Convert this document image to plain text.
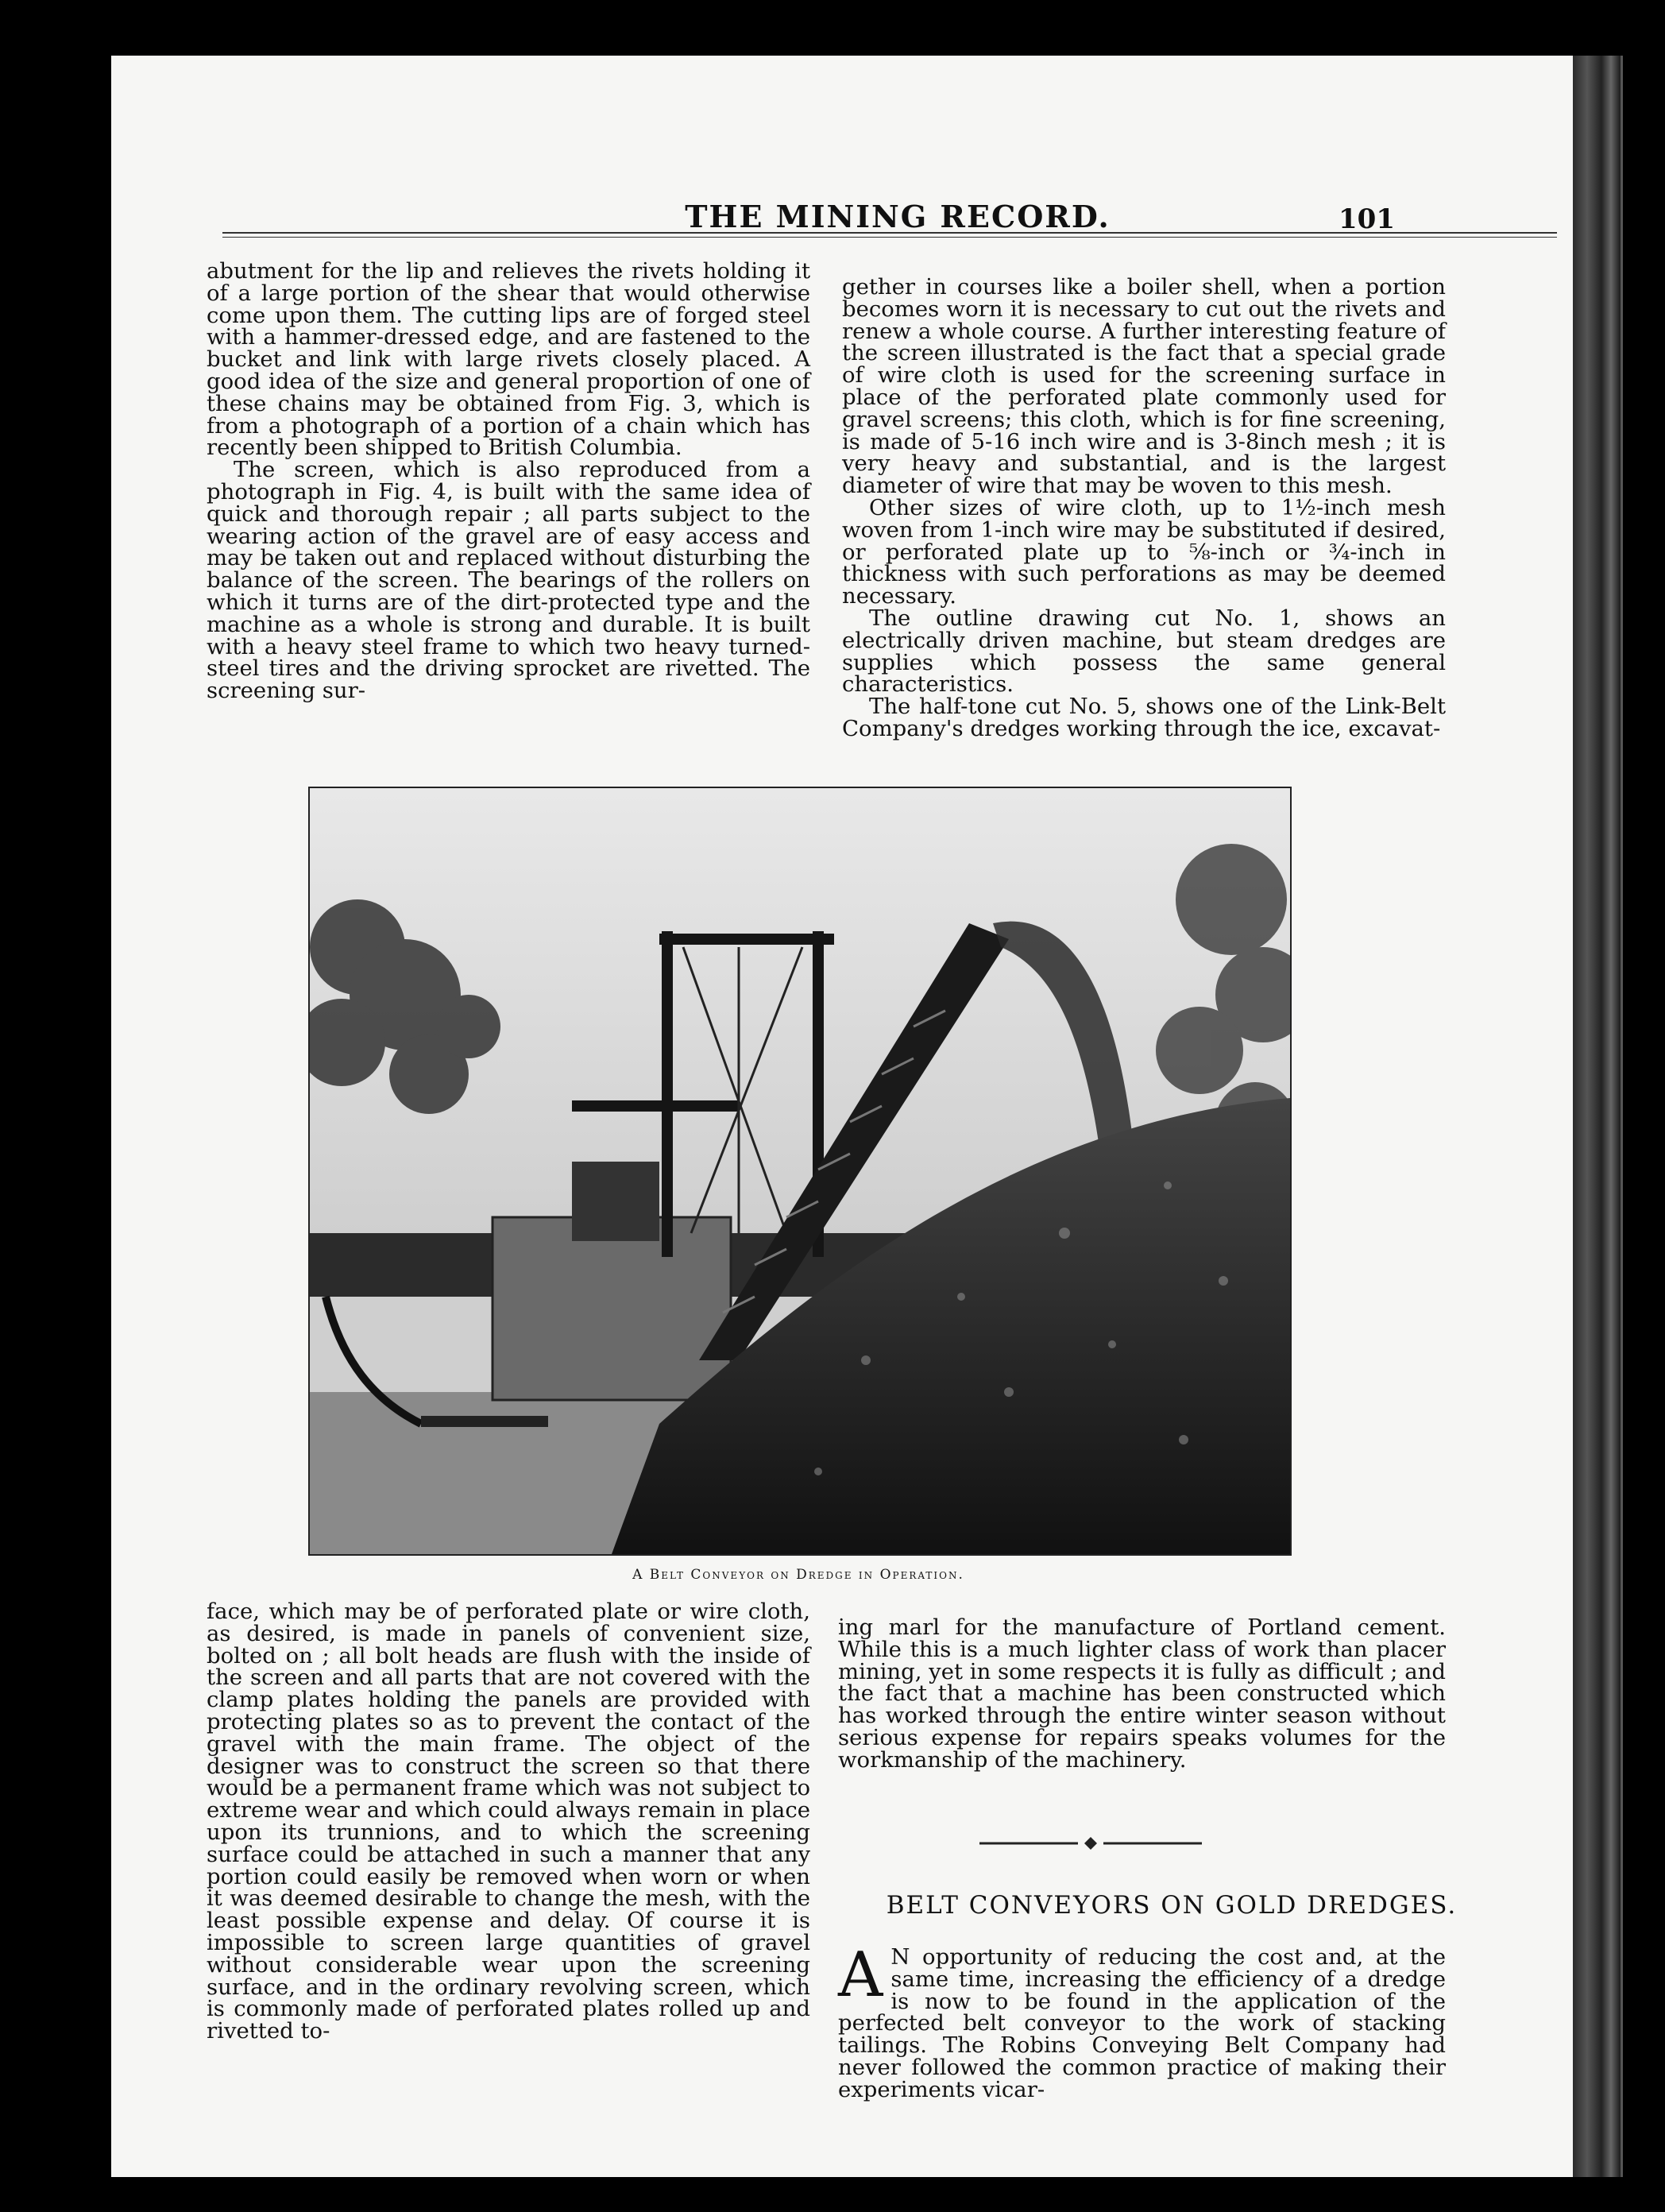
THE MINING RECORD.	101

abutment for the lip and relieves the rivets holding it of a large portion of the shear that would otherwise come upon them. The cutting lips are of forged steel with a hammer-dressed edge, and are fastened to the bucket and link with large rivets closely placed. A good idea of the size and general proportion of one of these chains may be obtained from Fig. 3, which is from a photograph of a portion of a chain which has recently been shipped to British Columbia.

The screen, which is also reproduced from a photograph in Fig. 4, is built with the same idea of quick and thorough repair ; all parts subject to the wearing action of the gravel are of easy access and may be taken out and replaced without disturbing the balance of the screen. The bearings of the rollers on which it turns are of the dirt-protected type and the machine as a whole is strong and durable. It is built with a heavy steel frame to which two heavy turned-steel tires and the driving sprocket are rivetted. The screening sur-

gether in courses like a boiler shell, when a portion becomes worn it is necessary to cut out the rivets and renew a whole course. A further interesting feature of the screen illustrated is the fact that a special grade of wire cloth is used for the screening surface in place of the perforated plate commonly used for gravel screens; this cloth, which is for fine screening, is made of 5-16 inch wire and is 3-8inch mesh ; it is very heavy and substantial, and is the largest diameter of wire that may be woven to this mesh.

Other sizes of wire cloth, up to 1½-inch mesh woven from 1-inch wire may be substituted if desired, or perforated plate up to ⅝-inch or ¾-inch in thickness with such perforations as may be deemed necessary.

The outline drawing cut No. 1, shows an electrically driven machine, but steam dredges are supplies which possess the same general characteristics.

The half-tone cut No. 5, shows one of the Link-Belt Company's dredges working through the ice, excavat-

A Belt Conveyor on Dredge in Operation.

face, which may be of perforated plate or wire cloth, as desired, is made in panels of convenient size, bolted on ; all bolt heads are flush with the inside of the screen and all parts that are not covered with the clamp plates holding the panels are provided with protecting plates so as to prevent the contact of the gravel with the main frame. The object of the designer was to construct the screen so that there would be a permanent frame which was not subject to extreme wear and which could always remain in place upon its trunnions, and to which the screening surface could be attached in such a manner that any portion could easily be removed when worn or when it was deemed desirable to change the mesh, with the least possible expense and delay. Of course it is impossible to screen large quantities of gravel without considerable wear upon the screening surface, and in the ordinary revolving screen, which is commonly made of perforated plates rolled up and rivetted to-

ing marl for the manufacture of Portland cement. While this is a much lighter class of work than placer mining, yet in some respects it is fully as difficult ; and the fact that a machine has been constructed which has worked through the entire winter season without serious expense for repairs speaks volumes for the workmanship of the machinery.

BELT CONVEYORS ON GOLD DREDGES.
A N opportunity of reducing the cost and, at the same time, increasing the efficiency of a dredge is now to be found in the application of the perfected belt conveyor to the work of stacking tailings. The Robins Conveying Belt Company had never followed the common practice of making their experiments vicar-
